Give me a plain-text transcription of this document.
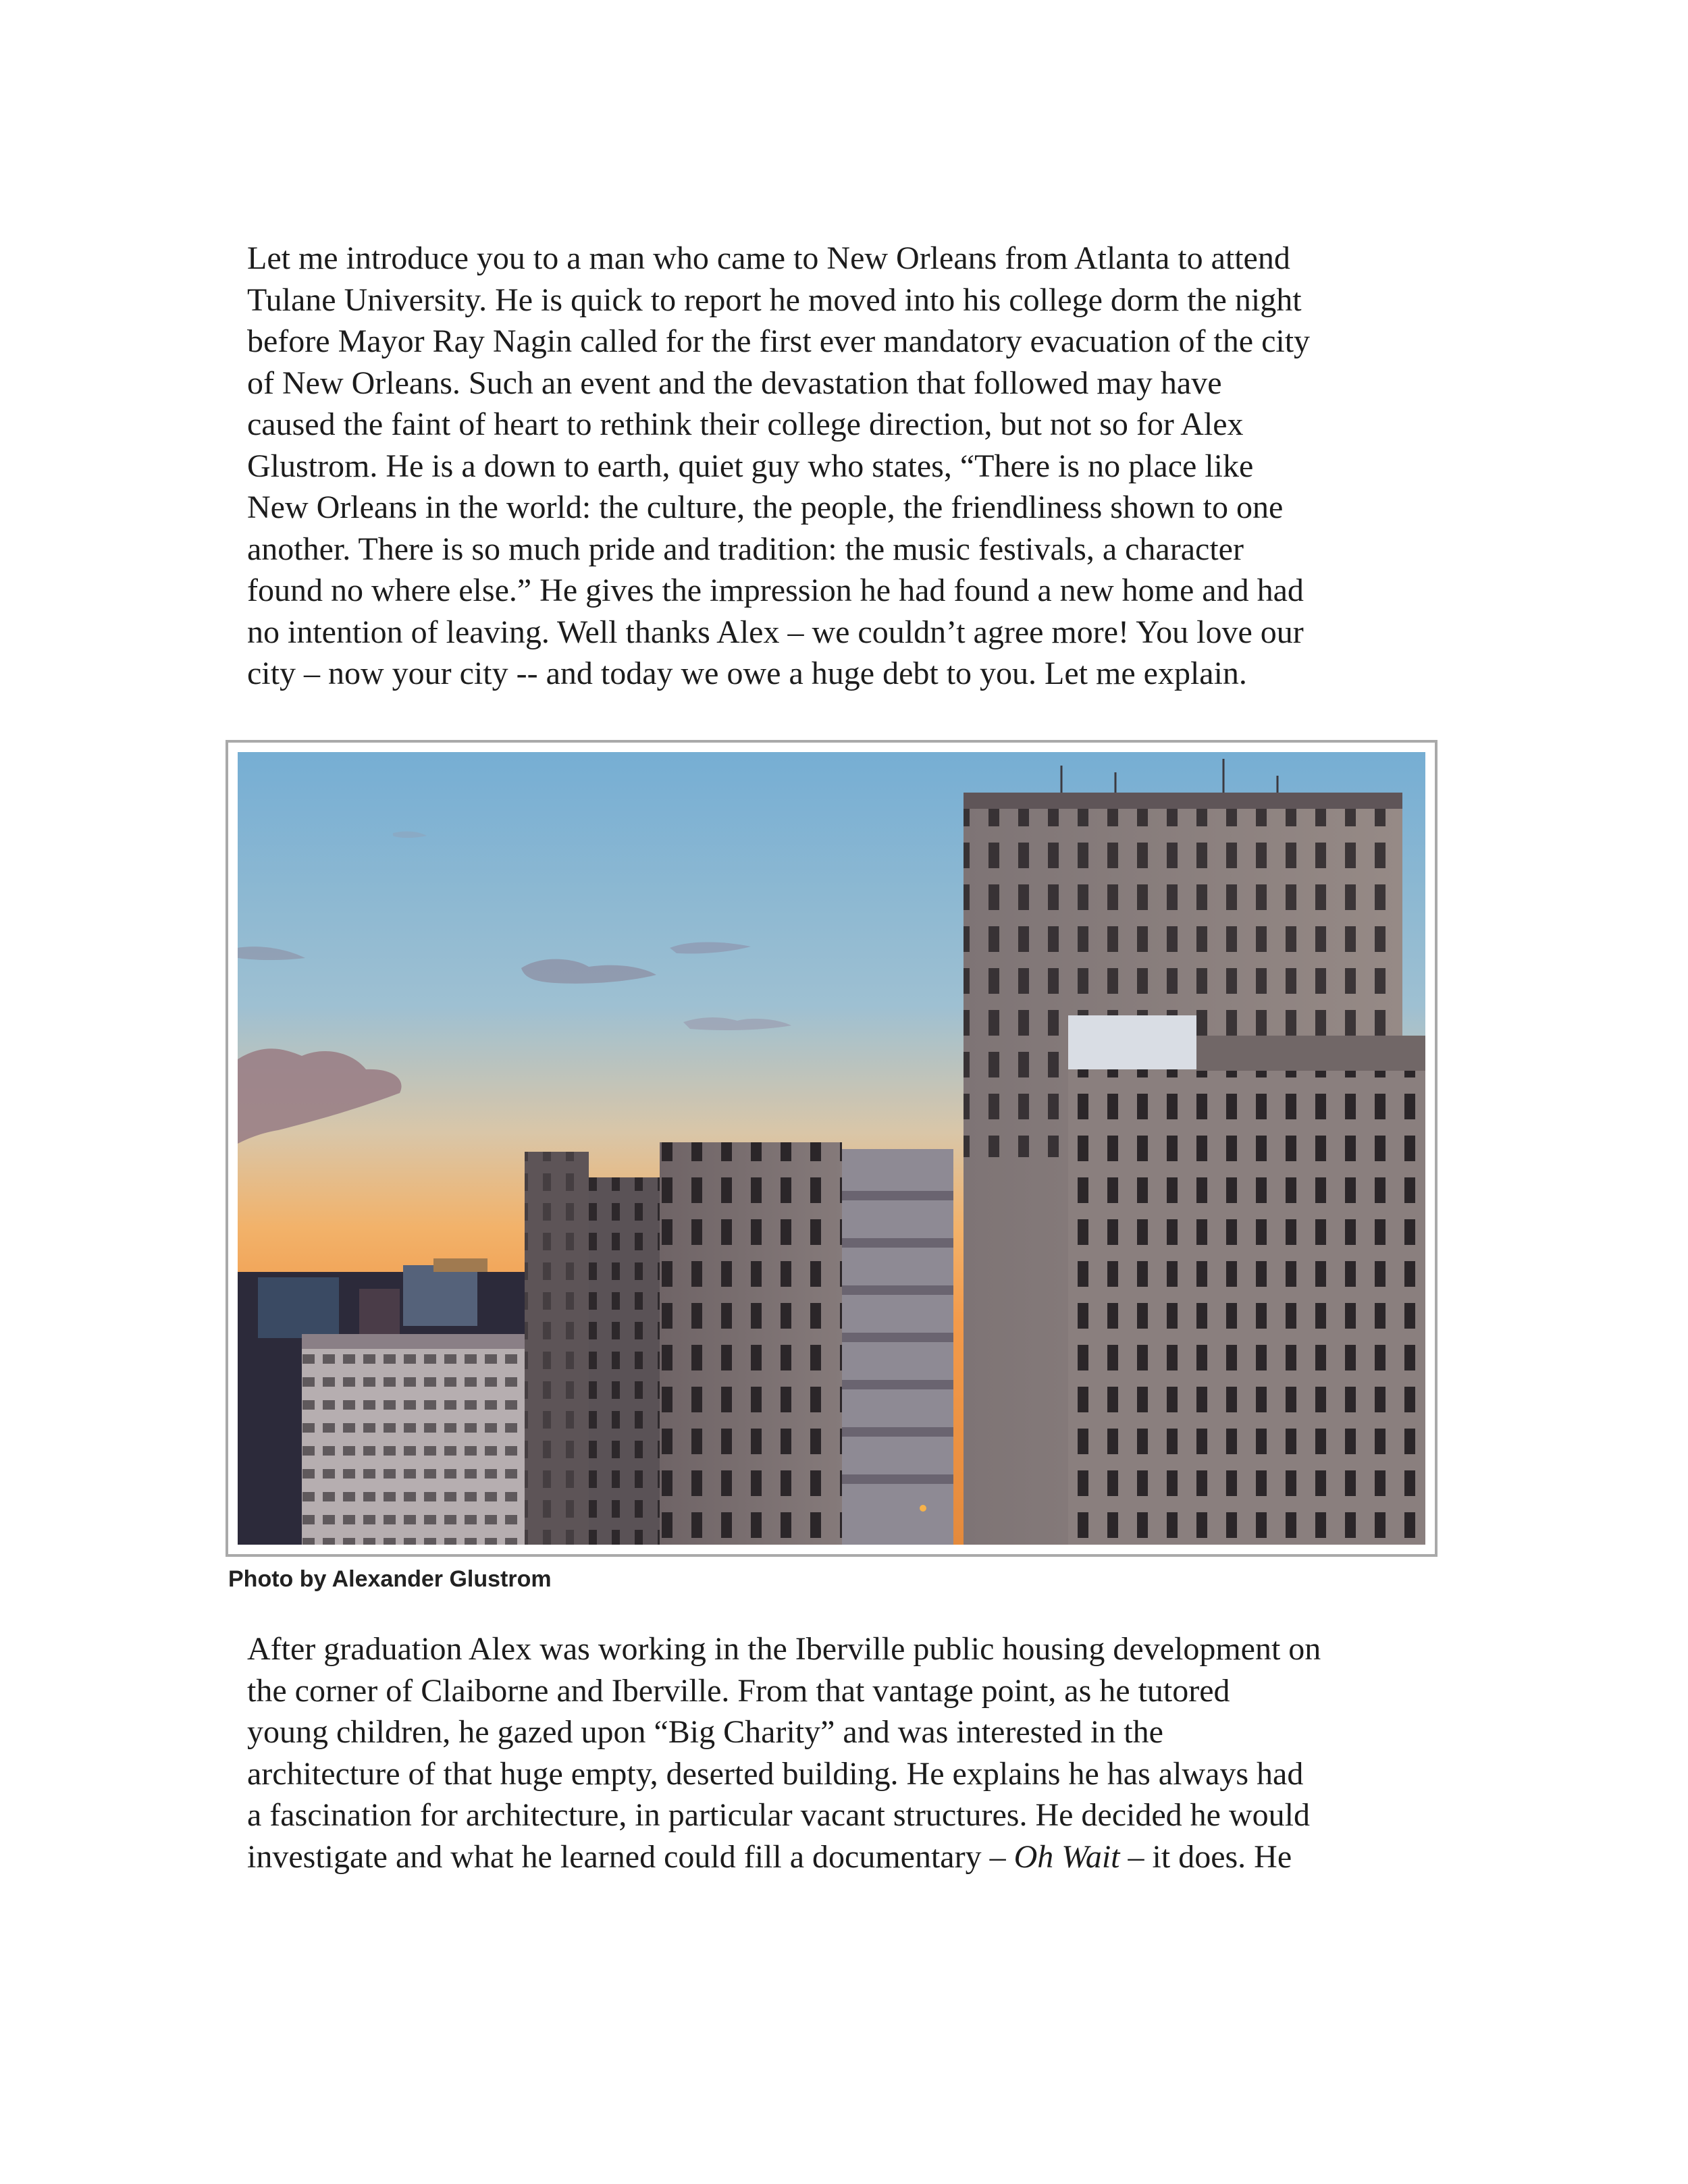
Let me introduce you to a man who came to New Orleans from Atlanta to attend
Tulane University. He is quick to report he moved into his college dorm the night
before Mayor Ray Nagin called for the first ever mandatory evacuation of the city
of New Orleans. Such an event and the devastation that followed may have
caused the faint of heart to rethink their college direction, but not so for Alex
Glustrom. He is a down to earth, quiet guy who states, “There is no place like
New Orleans in the world: the culture, the people, the friendliness shown to one
another. There is so much pride and tradition: the music festivals, a character
found no where else.” He gives the impression he had found a new home and had
no intention of leaving. Well thanks Alex – we couldn’t agree more! You love our
city – now your city -- and today we owe a huge debt to you. Let me explain.
Photo by Alexander Glustrom
After graduation Alex was working in the Iberville public housing development on
the corner of Claiborne and Iberville. From that vantage point, as he tutored
young children, he gazed upon “Big Charity” and was interested in the
architecture of that huge empty, deserted building. He explains he has always had
a fascination for architecture, in particular vacant structures. He decided he would
investigate and what he learned could fill a documentary – Oh Wait – it does. He
